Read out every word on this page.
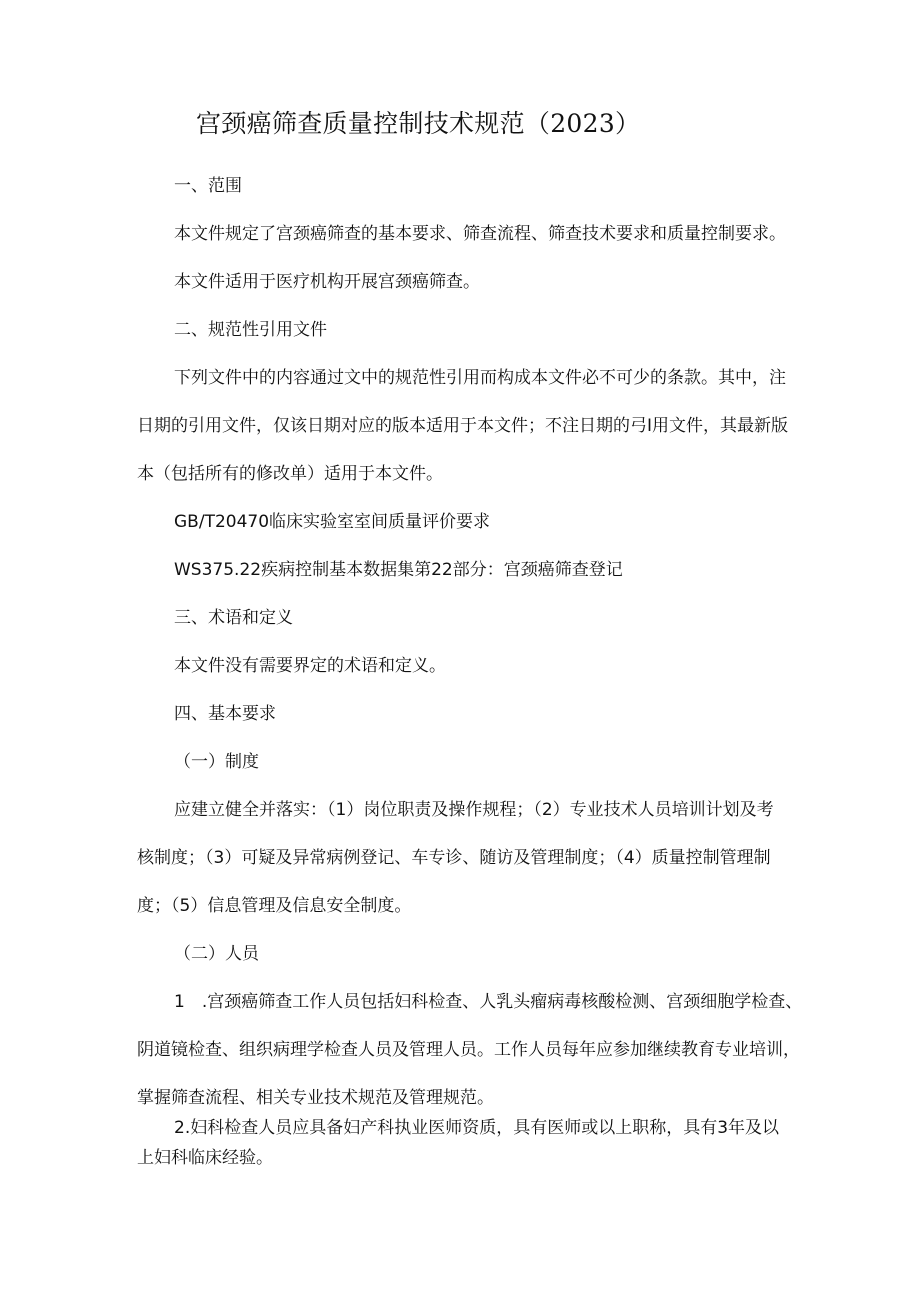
宫颈癌筛查质量控制技术规范（2023）
一、范围
本文件规定了宫颈癌筛查的基本要求、筛查流程、筛查技术要求和质量控制要求。
本文件适用于医疗机构开展宫颈癌筛查。
二、规范性引用文件
下列文件中的内容通过文中的规范性引用而构成本文件必不可少的条款。其中，注
日期的引用文件，仅该日期对应的版本适用于本文件；不注日期的弓I用文件，其最新版
本（包括所有的修改单）适用于本文件。
GB/T20470临床实验室室间质量评价要求
WS375.22疾病控制基本数据集第22部分：宫颈癌筛查登记
三、术语和定义
本文件没有需要界定的术语和定义。
四、基本要求
（一）制度
应建立健全并落实：（1）岗位职责及操作规程；（2）专业技术人员培训计划及考
核制度；（3）可疑及异常病例登记、车专诊、随访及管理制度；（4）质量控制管理制
度；（5）信息管理及信息安全制度。
（二）人员
1　.宫颈癌筛查工作人员包括妇科检查、人乳头瘤病毒核酸检测、宫颈细胞学检查、
阴道镜检查、组织病理学检查人员及管理人员。工作人员每年应参加继续教育专业培训，
掌握筛查流程、相关专业技术规范及管理规范。
2.妇科检查人员应具备妇产科执业医师资质，具有医师或以上职称，具有3年及以
上妇科临床经验。
